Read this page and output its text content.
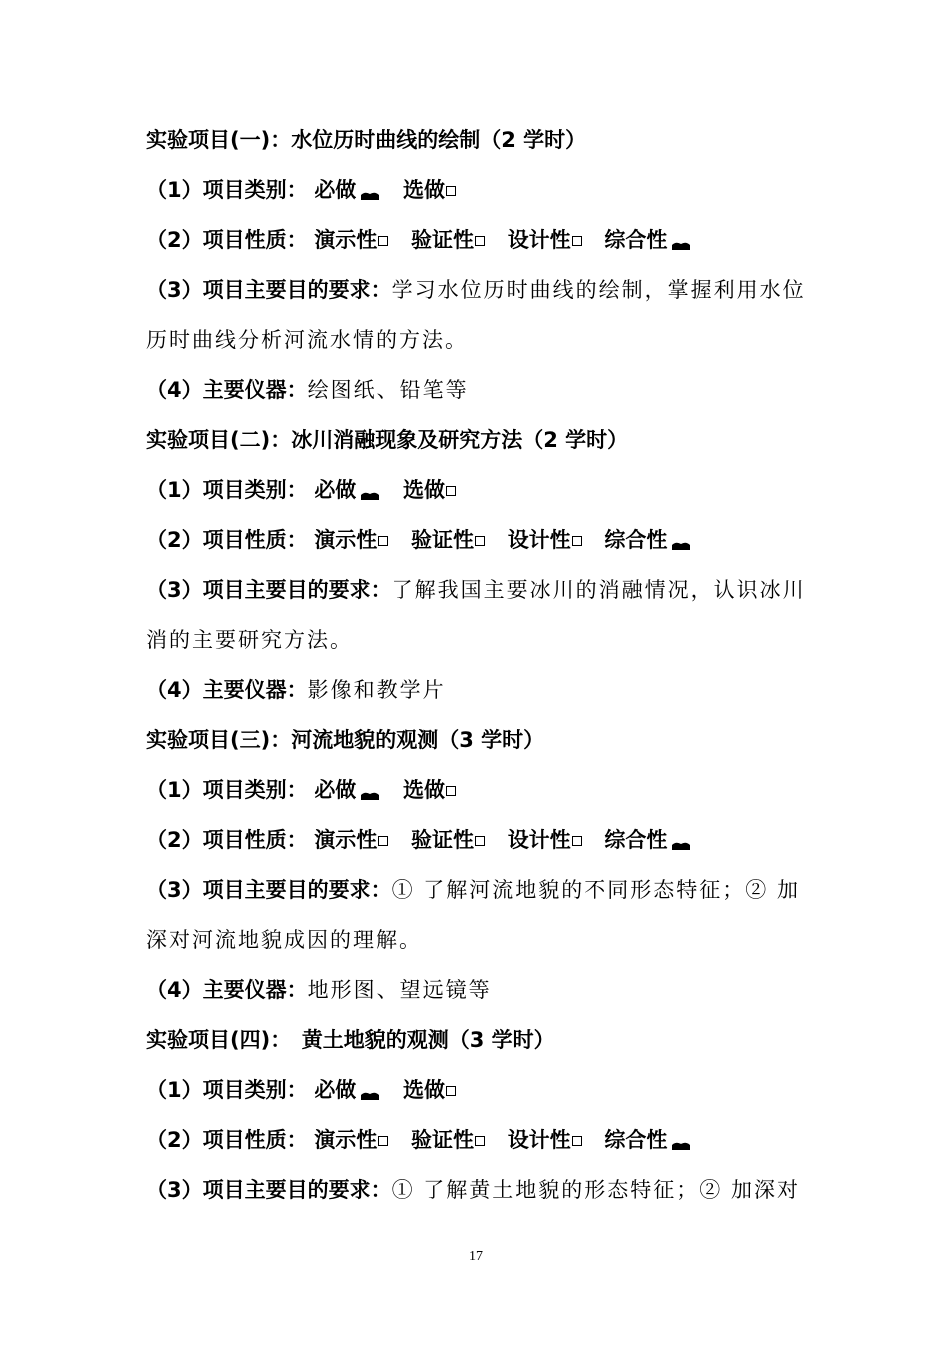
实验项目(一)：水位历时曲线的绘制（2 学时）
（1）项目类别： 必做 选做
（2）项目性质： 演示性 验证性 设计性 综合性
（3）项目主要目的要求：学习水位历时曲线的绘制，掌握利用水位
历时曲线分析河流水情的方法。
（4）主要仪器：绘图纸、铅笔等
实验项目(二)：冰川消融现象及研究方法（2 学时）
（1）项目类别： 必做 选做
（2）项目性质： 演示性 验证性 设计性 综合性
（3）项目主要目的要求：了解我国主要冰川的消融情况，认识冰川
消的主要研究方法。
（4）主要仪器：影像和教学片
实验项目(三)：河流地貌的观测（3 学时）
（1）项目类别： 必做 选做
（2）项目性质： 演示性 验证性 设计性 综合性
（3）项目主要目的要求：① 了解河流地貌的不同形态特征；② 加
深对河流地貌成因的理解。
（4）主要仪器：地形图、望远镜等
实验项目(四)：　黄土地貌的观测（3 学时）
（1）项目类别： 必做 选做
（2）项目性质： 演示性 验证性 设计性 综合性
（3）项目主要目的要求：① 了解黄土地貌的形态特征；② 加深对
17
